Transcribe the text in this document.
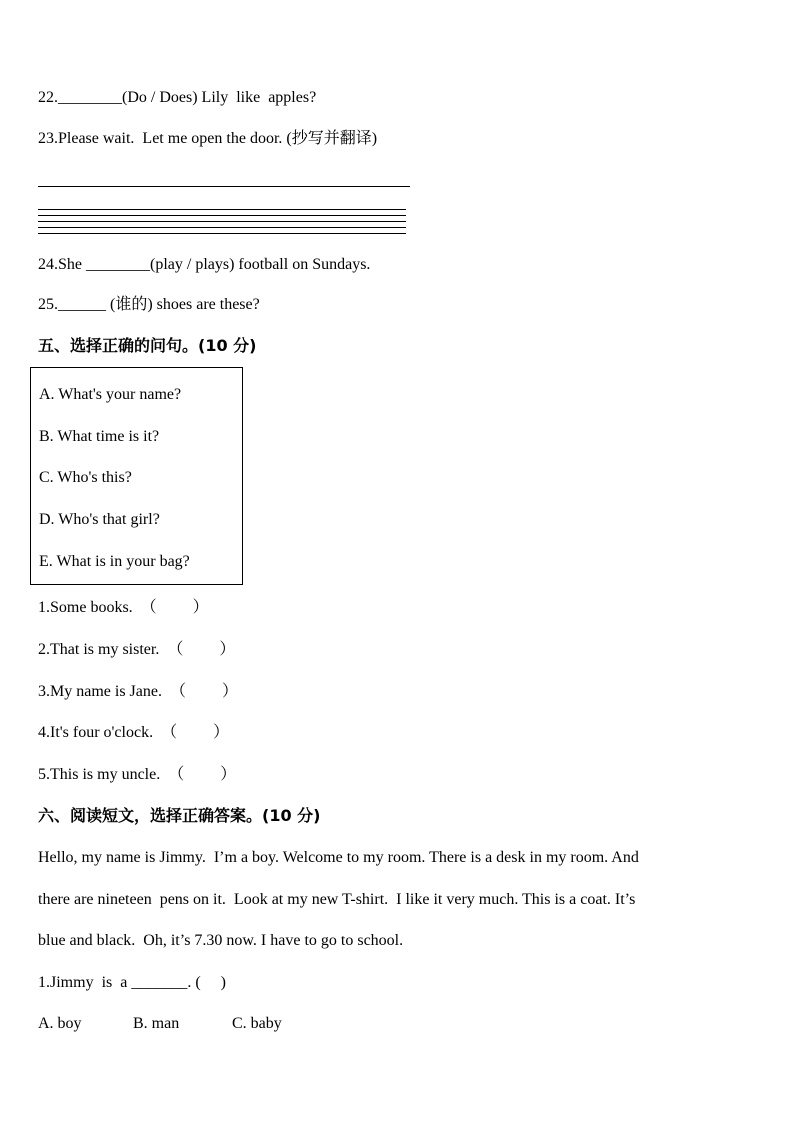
22.________(Do / Does) Lily  like  apples?
23.Please wait.  Let me open the door. (抄写并翻译)
24.She ________(play / plays) football on Sundays.
25.______ (谁的) shoes are these?
五、选择正确的问句。(10 分)
A. What's your name?
B. What time is it?
C. Who's this?
D. Who's that girl?
E. What is in your bag?
1.Some books.  （         ）
2.That is my sister.  （         ）
3.My name is Jane.  （         ）
4.It's four o'clock.  （         ）
5.This is my uncle.  （         ）
六、阅读短文，选择正确答案。(10 分)
Hello, my name is Jimmy.  I’m a boy. Welcome to my room. There is a desk in my room. And
there are nineteen  pens on it.  Look at my new T-shirt.  I like it very much. This is a coat. It’s
blue and black.  Oh, it’s 7.30 now. I have to go to school.
1.Jimmy  is  a _______. (     )
A. boy	B. man	C. baby
